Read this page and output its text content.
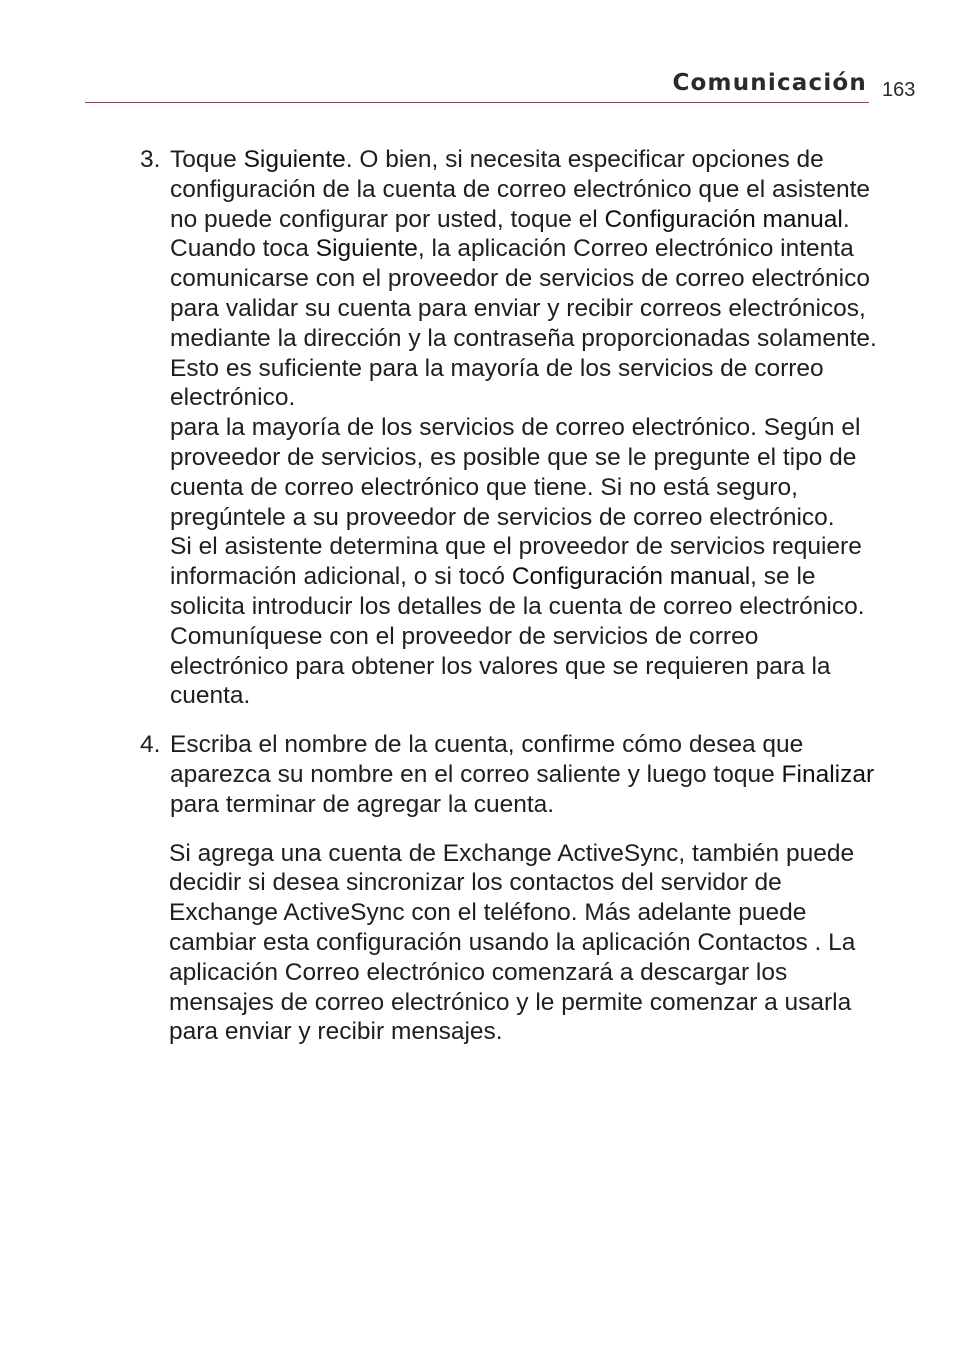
Comunicación 163
3. Toque Siguiente. O bien, si necesita especificar opciones de configuración de la cuenta de correo electrónico que el asistente no puede configurar por usted, toque el Configuración manual.

Cuando toca Siguiente, la aplicación Correo electrónico intenta comunicarse con el proveedor de servicios de correo electrónico para validar su cuenta para enviar y recibir correos electrónicos, mediante la dirección y la contraseña proporcionadas solamente. Esto es suficiente para la mayoría de los servicios de correo electrónico.

para la mayoría de los servicios de correo electrónico. Según el proveedor de servicios, es posible que se le pregunte el tipo de cuenta de correo electrónico que tiene. Si no está seguro, pregúntele a su proveedor de servicios de correo electrónico.

Si el asistente determina que el proveedor de servicios requiere información adicional, o si tocó Configuración manual, se le solicita introducir los detalles de la cuenta de correo electrónico. Comuníquese con el proveedor de servicios de correo electrónico para obtener los valores que se requieren para la cuenta.

4. Escriba el nombre de la cuenta, confirme cómo desea que aparezca su nombre en el correo saliente y luego toque Finalizar para terminar de agregar la cuenta.

Si agrega una cuenta de Exchange ActiveSync, también puede decidir si desea sincronizar los contactos del servidor de Exchange ActiveSync con el teléfono. Más adelante puede cambiar esta configuración usando la aplicación Contactos . La aplicación Correo electrónico comenzará a descargar los mensajes de correo electrónico y le permite comenzar a usarla para enviar y recibir mensajes.
